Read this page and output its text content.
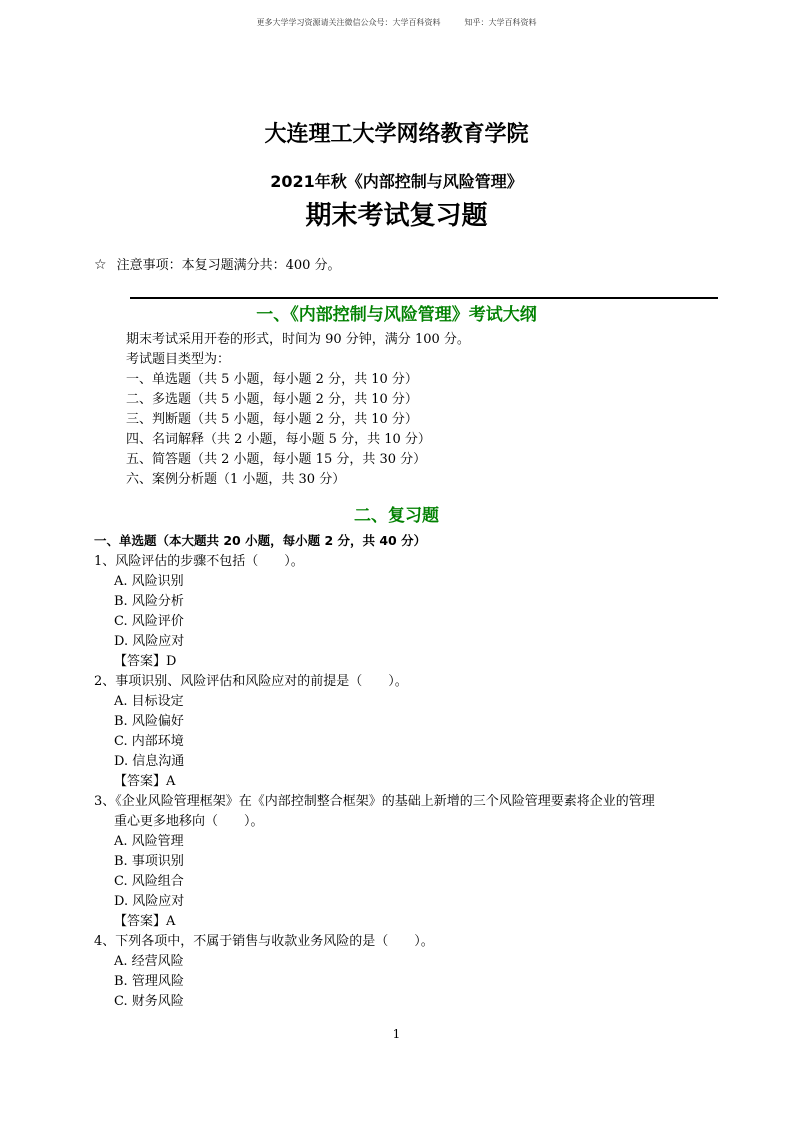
更多大学学习资源请关注微信公众号：大学百科资料	知乎：大学百科资料
大连理工大学网络教育学院
2021年秋《内部控制与风险管理》
期末考试复习题
☆ 注意事项：本复习题满分共：400 分。
一、《内部控制与风险管理》考试大纲
期末考试采用开卷的形式，时间为 90 分钟，满分 100 分。
考试题目类型为：
一、单选题（共 5 小题，每小题 2 分，共 10 分）
二、多选题（共 5 小题，每小题 2 分，共 10 分）
三、判断题（共 5 小题，每小题 2 分，共 10 分）
四、名词解释（共 2 小题，每小题 5 分，共 10 分）
五、简答题（共 2 小题，每小题 15 分，共 30 分）
六、案例分析题（1 小题，共 30 分）
二、复习题
一、单选题（本大题共 20 小题，每小题 2 分，共 40 分）
1、风险评估的步骤不包括（　　）。
A. 风险识别
B. 风险分析
C. 风险评价
D. 风险应对
【答案】D
2、事项识别、风险评估和风险应对的前提是（　　）。
A. 目标设定
B. 风险偏好
C. 内部环境
D. 信息沟通
【答案】A
3、《企业风险管理框架》在《内部控制整合框架》的基础上新增的三个风险管理要素将企业的管理
重心更多地移向（　　）。
A. 风险管理
B. 事项识别
C. 风险组合
D. 风险应对
【答案】A
4、下列各项中，不属于销售与收款业务风险的是（　　）。
A. 经营风险
B. 管理风险
C. 财务风险
1
